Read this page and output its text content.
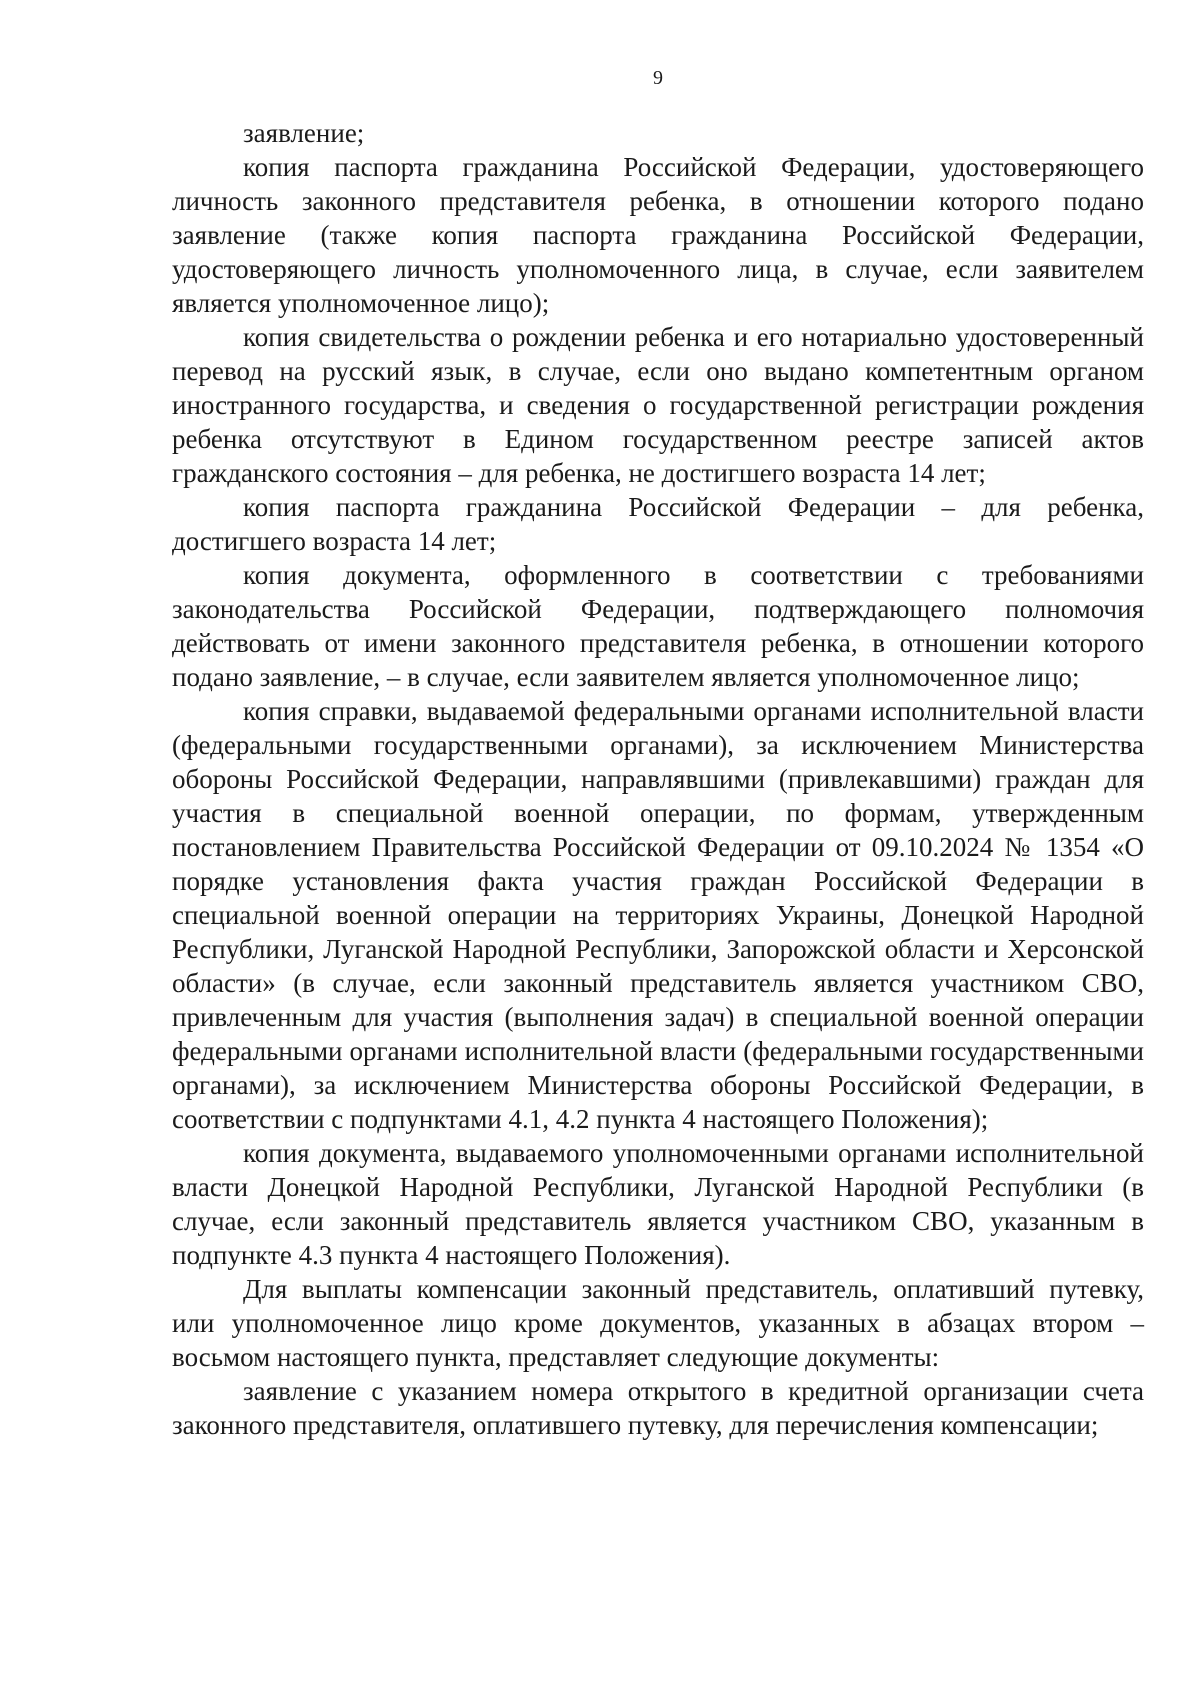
9

заявление;

копия паспорта гражданина Российской Федерации, удостоверяющего личность законного представителя ребенка, в отношении которого подано заявление (также копия паспорта гражданина Российской Федерации, удостоверяющего личность уполномоченного лица, в случае, если заявителем является уполномоченное лицо);

копия свидетельства о рождении ребенка и его нотариально удостоверенный перевод на русский язык, в случае, если оно выдано компетентным органом иностранного государства, и сведения о государственной регистрации рождения ребенка отсутствуют в Едином государственном реестре записей актов гражданского состояния – для ребенка, не достигшего возраста 14 лет;

копия паспорта гражданина Российской Федерации – для ребенка, достигшего возраста 14 лет;

копия документа, оформленного в соответствии с требованиями законодательства Российской Федерации, подтверждающего полномочия действовать от имени законного представителя ребенка, в отношении которого подано заявление, – в случае, если заявителем является уполномоченное лицо;

копия справки, выдаваемой федеральными органами исполнительной власти (федеральными государственными органами), за исключением Министерства обороны Российской Федерации, направлявшими (привлекавшими) граждан для участия в специальной военной операции, по формам, утвержденным постановлением Правительства Российской Федерации от 09.10.2024 № 1354 «О порядке установления факта участия граждан Российской Федерации в специальной военной операции на территориях Украины, Донецкой Народной Республики, Луганской Народной Республики, Запорожской области и Херсонской области» (в случае, если законный представитель является участником СВО, привлеченным для участия (выполнения задач) в специальной военной операции федеральными органами исполнительной власти (федеральными государственными органами), за исключением Министерства обороны Российской Федерации, в соответствии с подпунктами 4.1, 4.2 пункта 4 настоящего Положения);

копия документа, выдаваемого уполномоченными органами исполнительной власти Донецкой Народной Республики, Луганской Народной Республики (в случае, если законный представитель является участником СВО, указанным в подпункте 4.3 пункта 4 настоящего Положения).

Для выплаты компенсации законный представитель, оплативший путевку, или уполномоченное лицо кроме документов, указанных в абзацах втором – восьмом настоящего пункта, представляет следующие документы:

заявление с указанием номера открытого в кредитной организации счета законного представителя, оплатившего путевку, для перечисления компенсации;
